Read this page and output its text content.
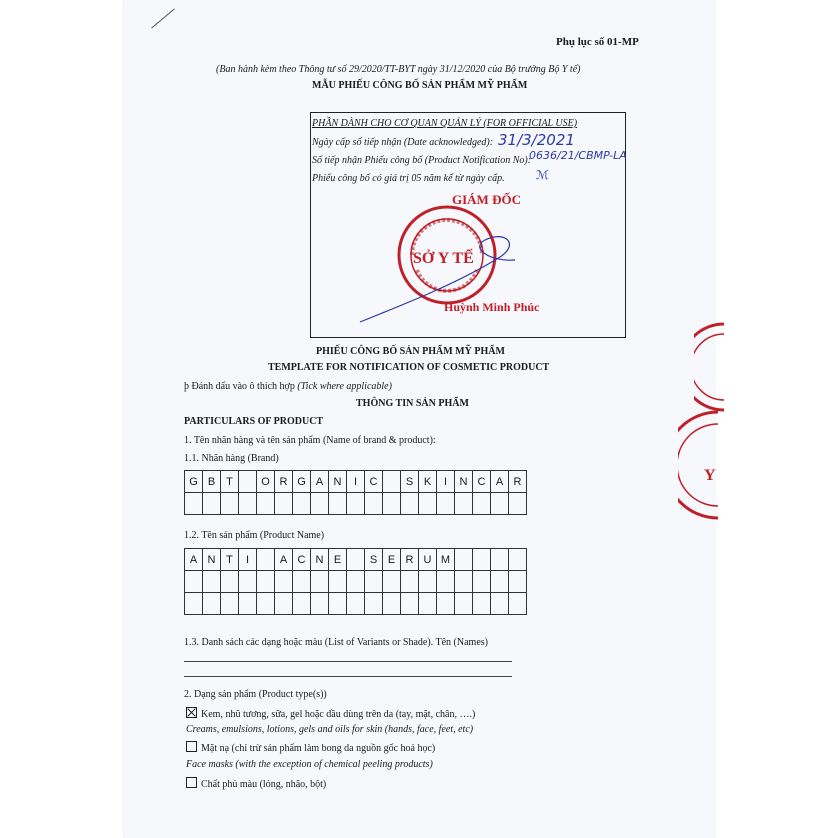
Phụ lục số 01-MP
(Ban hành kèm theo Thông tư số 29/2020/TT-BYT ngày 31/12/2020 của Bộ trưởng Bộ Y tế)
MẪU PHIẾU CÔNG BỐ SẢN PHẨM MỸ PHẨM
PHẦN DÀNH CHO CƠ QUAN QUẢN LÝ (FOR OFFICIAL USE)
Ngày cấp số tiếp nhận (Date acknowledged): 31/3/2021
Số tiếp nhận Phiếu công bố (Product Notification No):
0636/21/CBMP-LA
Phiếu công bố có giá trị 05 năm kể từ ngày cấp.	ℳ
GIÁM ĐỐC
SỞ Y TẾ
Huỳnh Minh Phúc
Y
PHIẾU CÔNG BỐ SẢN PHẨM MỸ PHẨM
TEMPLATE FOR NOTIFICATION OF COSMETIC PRODUCT
þ Đánh dấu vào ô thích hợp (Tick where applicable)
THÔNG TIN SẢN PHẨM
PARTICULARS OF PRODUCT
1. Tên nhãn hàng và tên sản phẩm (Name of brand & product):
1.1. Nhãn hàng (Brand)
G	B	T		O	R	G	A	N	I	C		S	K	I	N	C	A	R

1.2. Tên sản phẩm (Product Name)
A	N	T	I		A	C	N	E		S	E	R	U	M				

1.3. Danh sách các dạng hoặc màu (List of Variants or Shade). Tên (Names)
2. Dạng sản phẩm (Product type(s))
Kem, nhũ tương, sữa, gel hoặc dầu dùng trên da (tay, mặt, chân, ….)
Creams, emulsions, lotions, gels and oils for skin (hands, face, feet, etc)
Mặt nạ (chỉ trừ sản phẩm làm bong da nguồn gốc hoá học)
Face masks (with the exception of chemical peeling products)
Chất phủ màu (lỏng, nhão, bột)
